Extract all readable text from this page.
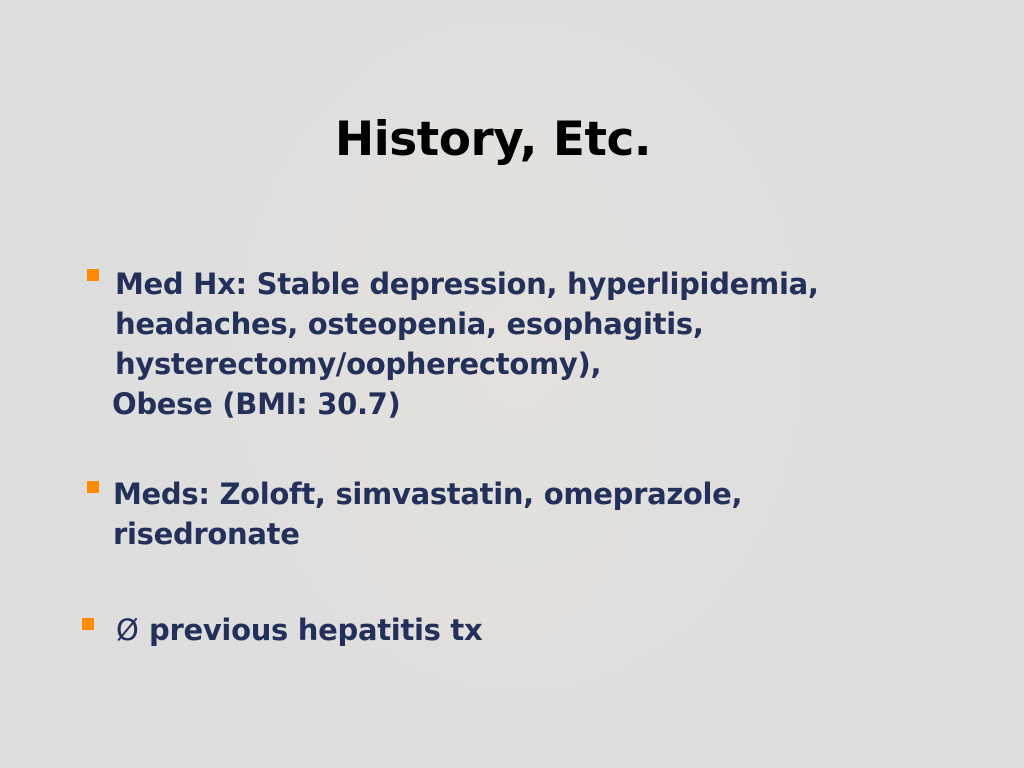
History, Etc.
Med Hx: Stable depression, hyperlipidemia,
headaches, osteopenia, esophagitis,
hysterectomy/oopherectomy),
Obese (BMI: 30.7)
Meds: Zoloft, simvastatin, omeprazole,
risedronate
Ø previous hepatitis tx
